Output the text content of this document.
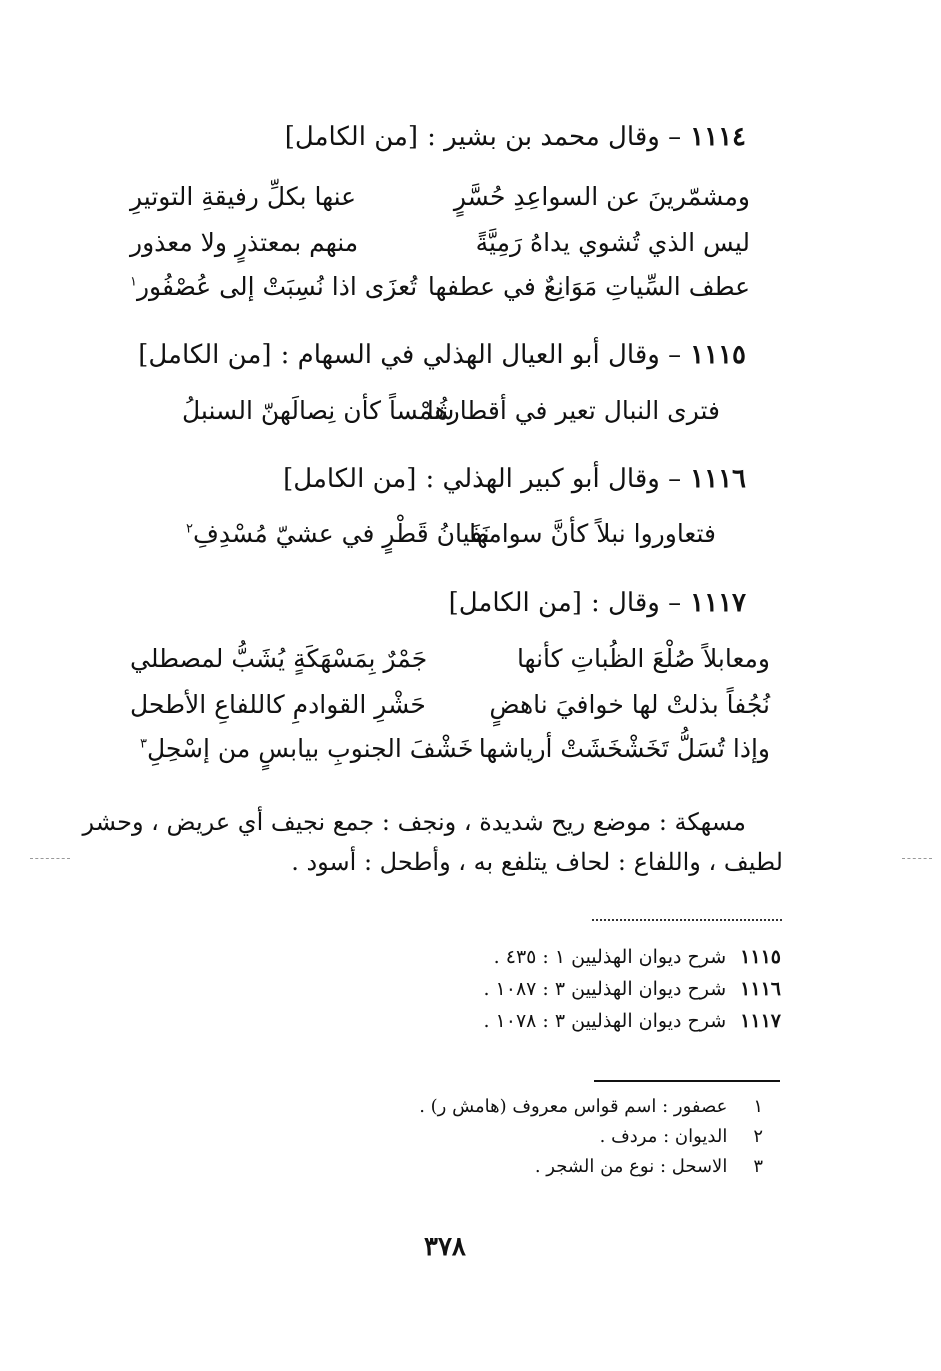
١١١٤ – وقال محمد بن بشير : [من الكامل]
ومشمّرينَ عن السواعِدِ حُسَّرٍ
عنها بكلِّ رفيقةِ التوتيرِ
ليس الذي تُشوي يداهُ رَمِيَّةً
منهم بمعتذرٍ ولا معذور
عطف السِّياتِ مَوَانِعٌ في عطفها
تُعزَى اذا نُسِبَتْ إلى عُصْفُور$^١$
١١١٥ – وقال أبو العيال الهذلي في السهام : [من الكامل]
فترى النبال تعير في أقطارها
شُمْساً كأن نِصالَهنّ السنبلُ
١١١٦ – وقال أبو كبير الهذلي : [من الكامل]
فتعاوروا نبلاً كأنَّ سوامها
نَفَيانُ قَطْرٍ في عشيّ مُسْدِفِ$^٢$
١١١٧ – وقال : [من الكامل]
ومعابلاً صُلْعَ الظُباتِ كأنها
جَمْرٌ بِمَسْهَكَةٍ يُشَبُّ لمصطلي
نُجُفاً بذلتْ لها خوافيَ ناهضٍ
حَشْرِ القوادمِ كاللفاعِ الأطحل
وإذا تُسَلُّ تَخَشْخَشَتْ أرياشها
خَشْفَ الجنوبِ بيابسٍ من إسْحِلِ$^٣$
مسهكة : موضع ريح شديدة ، ونجف : جمع نجيف أي عريض ، وحشر
لطيف ، واللفاع : لحاف يتلفع به ، وأطحل : أسود .
١١١٥شرح ديوان الهذليين ١ : ٤٣٥ .
١١١٦شرح ديوان الهذليين ٣ : ١٠٨٧ .
١١١٧شرح ديوان الهذليين ٣ : ١٠٧٨ .
١عصفور : اسم قواس معروف (هامش ر) .
٢الديوان : مردف .
٣الاسحل : نوع من الشجر .
٣٧٨
